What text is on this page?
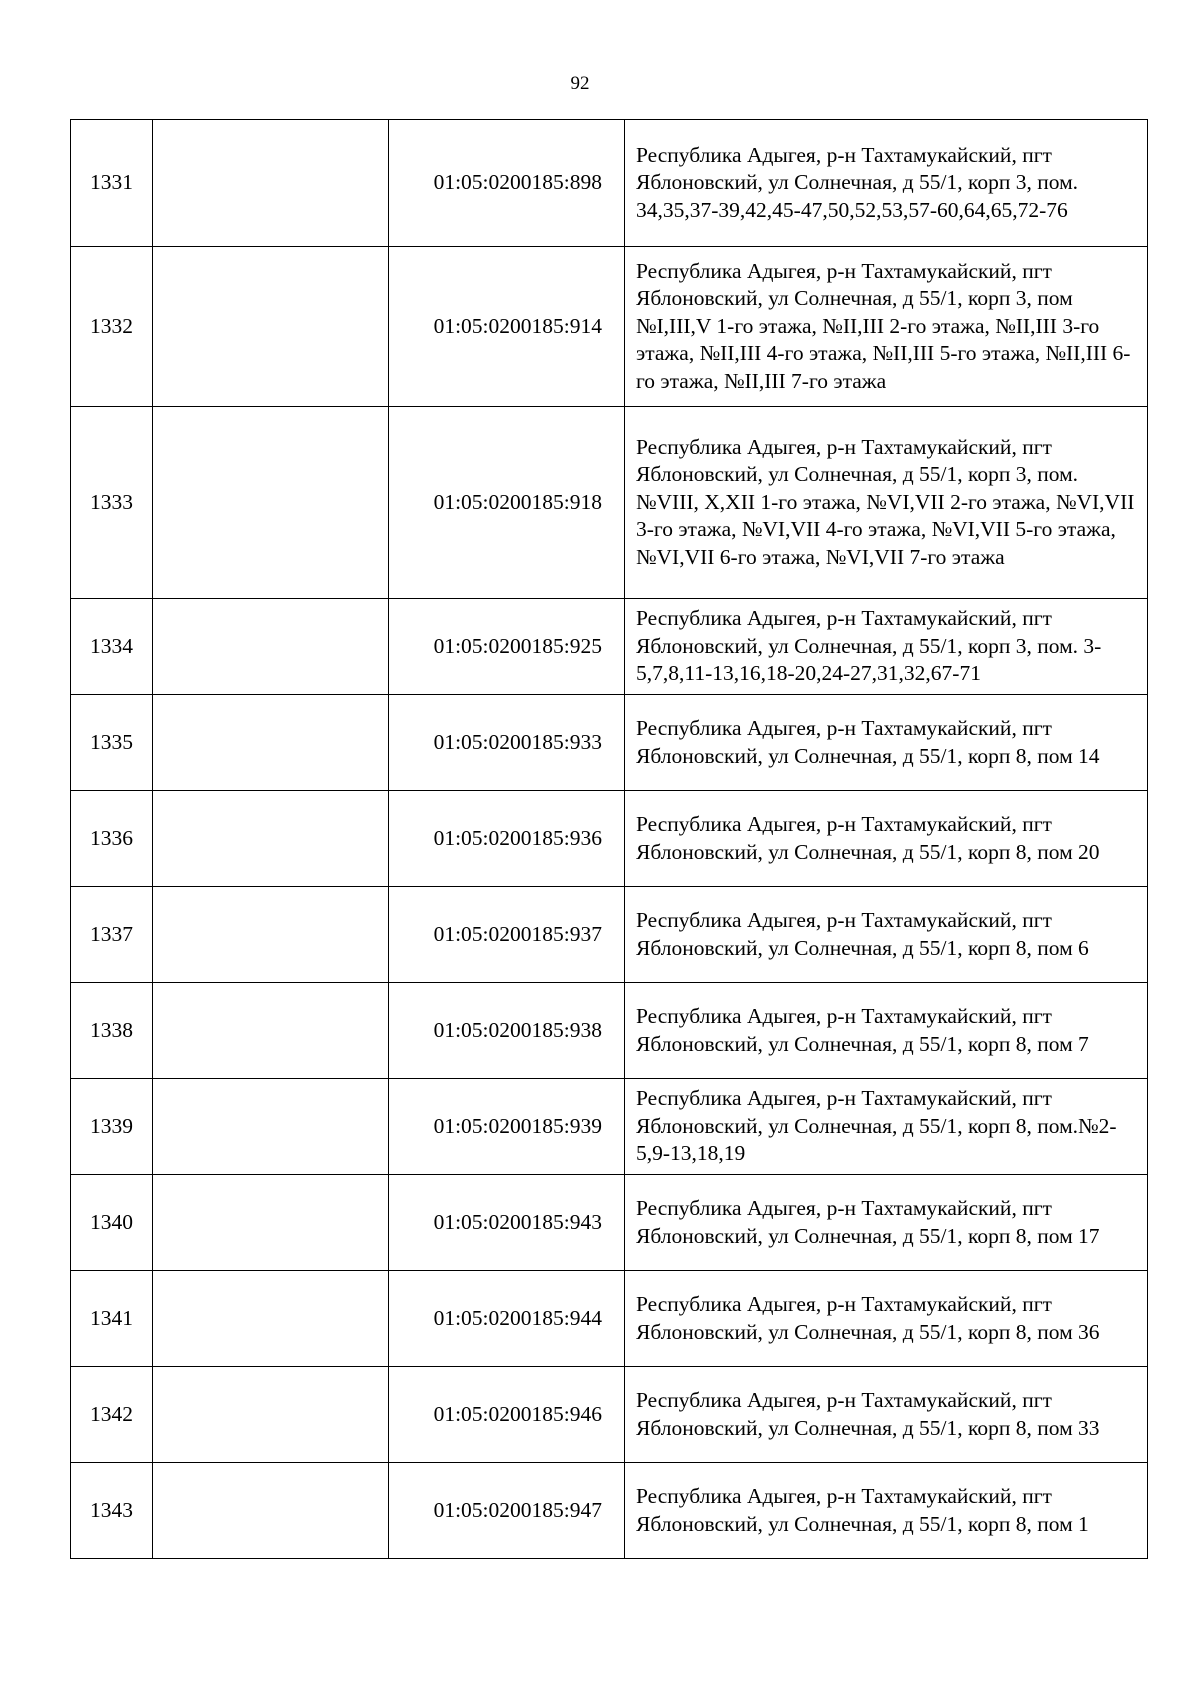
92
1331		01:05:0200185:898	Республика Адыгея, р-н Тахтамукайский, пгт Яблоновский, ул Солнечная, д 55/1, корп 3, пом. 34,35,37-39,42,45-47,50,52,53,57-60,64,65,72-76
1332		01:05:0200185:914	Республика Адыгея, р-н Тахтамукайский, пгт Яблоновский, ул Солнечная, д 55/1, корп 3, пом №I,III,V 1-го этажа, №II,III 2-го этажа, №II,III 3-го этажа, №II,III 4-го этажа, №II,III 5-го этажа, №II,III 6-го этажа, №II,III 7-го этажа
1333		01:05:0200185:918	Республика Адыгея, р-н Тахтамукайский, пгт Яблоновский, ул Солнечная, д 55/1, корп 3, пом. №VIII, X,XII 1-го этажа, №VI,VII 2-го этажа, №VI,VII 3-го этажа, №VI,VII 4-го этажа, №VI,VII 5-го этажа, №VI,VII 6-го этажа, №VI,VII 7-го этажа
1334		01:05:0200185:925	Республика Адыгея, р-н Тахтамукайский, пгт Яблоновский, ул Солнечная, д 55/1, корп 3, пом. 3-5,7,8,11-13,16,18-20,24-27,31,32,67-71
1335		01:05:0200185:933	Республика Адыгея, р-н Тахтамукайский, пгт Яблоновский, ул Солнечная, д 55/1, корп 8, пом 14
1336		01:05:0200185:936	Республика Адыгея, р-н Тахтамукайский, пгт Яблоновский, ул Солнечная, д 55/1, корп 8, пом 20
1337		01:05:0200185:937	Республика Адыгея, р-н Тахтамукайский, пгт Яблоновский, ул Солнечная, д 55/1, корп 8, пом 6
1338		01:05:0200185:938	Республика Адыгея, р-н Тахтамукайский, пгт Яблоновский, ул Солнечная, д 55/1, корп 8, пом 7
1339		01:05:0200185:939	Республика Адыгея, р-н Тахтамукайский, пгт Яблоновский, ул Солнечная, д 55/1, корп 8, пом.№2-5,9-13,18,19
1340		01:05:0200185:943	Республика Адыгея, р-н Тахтамукайский, пгт Яблоновский, ул Солнечная, д 55/1, корп 8, пом 17
1341		01:05:0200185:944	Республика Адыгея, р-н Тахтамукайский, пгт Яблоновский, ул Солнечная, д 55/1, корп 8, пом 36
1342		01:05:0200185:946	Республика Адыгея, р-н Тахтамукайский, пгт Яблоновский, ул Солнечная, д 55/1, корп 8, пом 33
1343		01:05:0200185:947	Республика Адыгея, р-н Тахтамукайский, пгт Яблоновский, ул Солнечная, д 55/1, корп 8, пом 1
